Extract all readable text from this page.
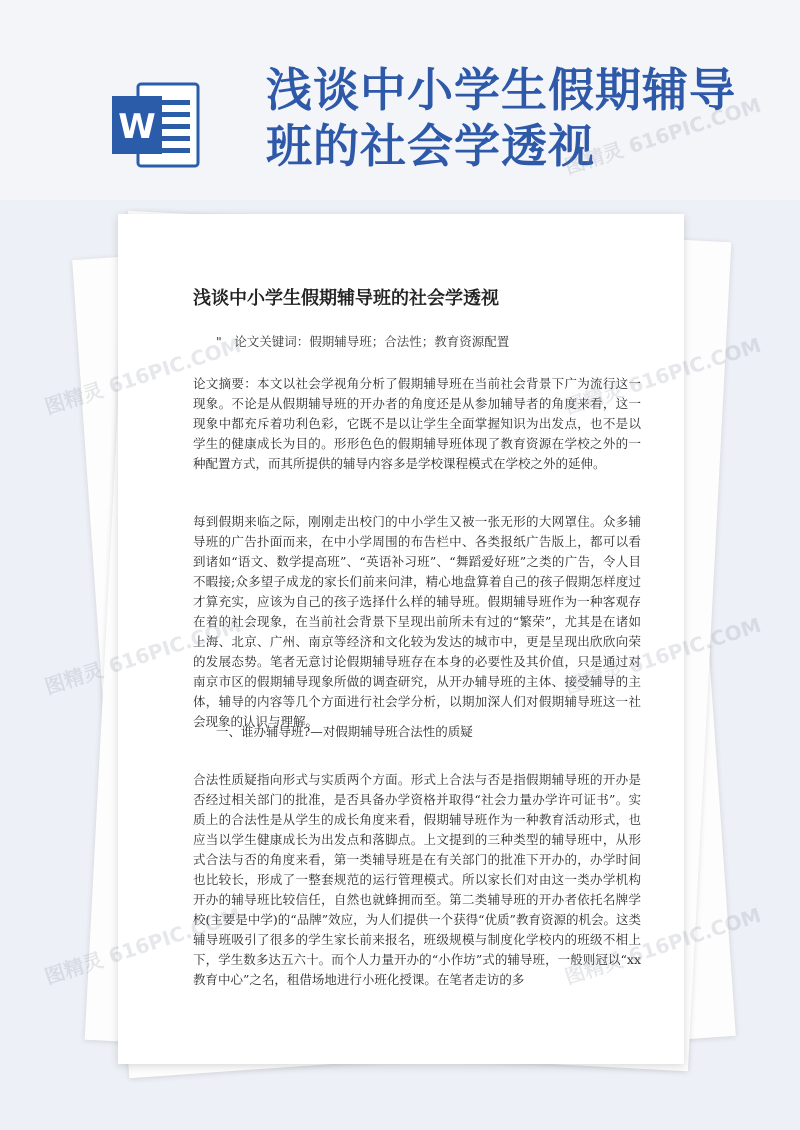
W
浅谈中小学生假期辅导
班的社会学透视
浅谈中小学生假期辅导班的社会学透视
"　论文关键词：假期辅导班；合法性；教育资源配置

论文摘要：本文以社会学视角分析了假期辅导班在当前社会背景下广为流行这一现象。不论是从假期辅导班的开办者的角度还是从参加辅导者的角度来看，这一现象中都充斥着功利色彩，它既不是以让学生全面掌握知识为出发点，也不是以学生的健康成长为目的。形形色色的假期辅导班体现了教育资源在学校之外的一种配置方式，而其所提供的辅导内容多是学校课程模式在学校之外的延伸。

每到假期来临之际，刚刚走出校门的中小学生又被一张无形的大网罩住。众多辅导班的广告扑面而来，在中小学周围的布告栏中、各类报纸广告版上，都可以看到诸如“语文、数学提高班”、“英语补习班”、“舞蹈爱好班”之类的广告，令人目不暇接;众多望子成龙的家长们前来问津，精心地盘算着自己的孩子假期怎样度过才算充实，应该为自己的孩子选择什么样的辅导班。假期辅导班作为一种客观存在着的社会现象，在当前社会背景下呈现出前所未有过的“繁荣”，尤其是在诸如上海、北京、广州、南京等经济和文化较为发达的城市中，更是呈现出欣欣向荣的发展态势。笔者无意讨论假期辅导班存在本身的必要性及其价值，只是通过对南京市区的假期辅导现象所做的调查研究，从开办辅导班的主体、接受辅导的主体，辅导的内容等几个方面进行社会学分析，以期加深人们对假期辅导班这一社会现象的认识与理解。

一、谁办辅导班?—对假期辅导班合法性的质疑

合法性质疑指向形式与实质两个方面。形式上合法与否是指假期辅导班的开办是否经过相关部门的批准，是否具备办学资格并取得“社会力量办学许可证书”。实质上的合法性是从学生的成长角度来看，假期辅导班作为一种教育活动形式，也应当以学生健康成长为出发点和落脚点。上文提到的三种类型的辅导班中，从形式合法与否的角度来看，第一类辅导班是在有关部门的批准下开办的，办学时间也比较长，形成了一整套规范的运行管理模式。所以家长们对由这一类办学机构开办的辅导班比较信任，自然也就蜂拥而至。第二类辅导班的开办者依托名牌学校(主要是中学)的“品牌”效应，为人们提供一个获得“优质”教育资源的机会。这类辅导班吸引了很多的学生家长前来报名，班级规模与制度化学校内的班级不相上下，学生数多达五六十。而个人力量开办的“小作坊”式的辅导班，一般则冠以“xx教育中心”之名，租借场地进行小班化授课。在笔者走访的多

图精灵
图精灵
图精灵
